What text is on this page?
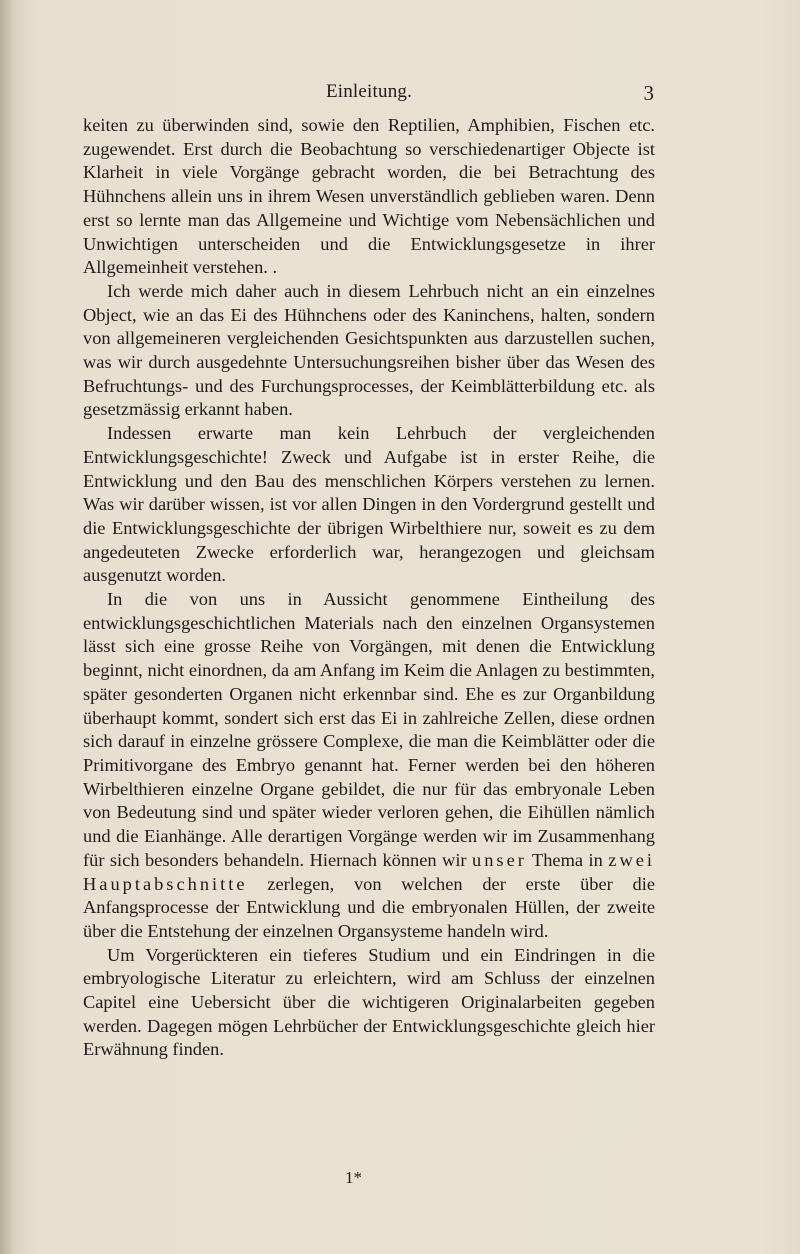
Einleitung.	3

keiten zu überwinden sind, sowie den Reptilien, Amphibien, Fischen etc. zugewendet. Erst durch die Beobachtung so verschiedenartiger Objecte ist Klarheit in viele Vorgänge gebracht worden, die bei Betrachtung des Hühnchens allein uns in ihrem Wesen unverständlich geblieben waren. Denn erst so lernte man das Allgemeine und Wichtige vom Nebensächlichen und Unwichtigen unterscheiden und die Entwicklungsgesetze in ihrer Allgemeinheit verstehen. .

Ich werde mich daher auch in diesem Lehrbuch nicht an ein einzelnes Object, wie an das Ei des Hühnchens oder des Kaninchens, halten, sondern von allgemeineren vergleichenden Gesichtspunkten aus darzustellen suchen, was wir durch ausgedehnte Untersuchungsreihen bisher über das Wesen des Befruchtungs- und des Furchungsprocesses, der Keimblätterbildung etc. als gesetzmässig erkannt haben.

Indessen erwarte man kein Lehrbuch der vergleichenden Entwicklungsgeschichte! Zweck und Aufgabe ist in erster Reihe, die Entwicklung und den Bau des menschlichen Körpers verstehen zu lernen. Was wir darüber wissen, ist vor allen Dingen in den Vordergrund gestellt und die Entwicklungsgeschichte der übrigen Wirbelthiere nur, soweit es zu dem angedeuteten Zwecke erforderlich war, herangezogen und gleichsam ausgenutzt worden.

In die von uns in Aussicht genommene Eintheilung des entwicklungsgeschichtlichen Materials nach den einzelnen Organsystemen lässt sich eine grosse Reihe von Vorgängen, mit denen die Entwicklung beginnt, nicht einordnen, da am Anfang im Keim die Anlagen zu bestimmten, später gesonderten Organen nicht erkennbar sind. Ehe es zur Organbildung überhaupt kommt, sondert sich erst das Ei in zahlreiche Zellen, diese ordnen sich darauf in einzelne grössere Complexe, die man die Keimblätter oder die Primitivorgane des Embryo genannt hat. Ferner werden bei den höheren Wirbelthieren einzelne Organe gebildet, die nur für das embryonale Leben von Bedeutung sind und später wieder verloren gehen, die Eihüllen nämlich und die Eianhänge. Alle derartigen Vorgänge werden wir im Zusammenhang für sich besonders behandeln. Hiernach können wir unser Thema in zwei Hauptabschnitte zerlegen, von welchen der erste über die Anfangsprocesse der Entwicklung und die embryonalen Hüllen, der zweite über die Entstehung der einzelnen Organsysteme handeln wird.

Um Vorgerückteren ein tieferes Studium und ein Eindringen in die embryologische Literatur zu erleichtern, wird am Schluss der einzelnen Capitel eine Uebersicht über die wichtigeren Originalarbeiten gegeben werden. Dagegen mögen Lehrbücher der Entwicklungsgeschichte gleich hier Erwähnung finden.

1*
